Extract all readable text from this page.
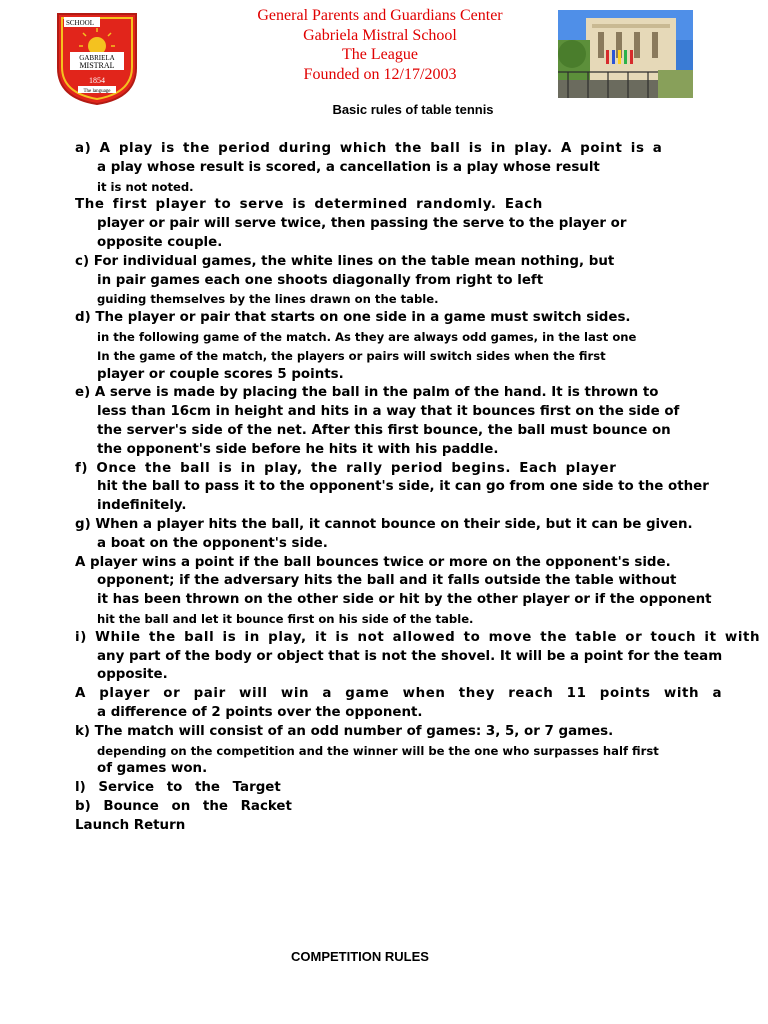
SCHOOL
GABRIELA
MISTRAL
1854
The language
General Parents and Guardians Center
Gabriela Mistral School
The League
Founded on 12/17/2003
Basic rules of table tennis
a) A play is the period during which the ball is in play. A point is a
a play whose result is scored, a cancellation is a play whose result
it is not noted.
The first player to serve is determined randomly. Each
player or pair will serve twice, then passing the serve to the player or
opposite couple.
c) For individual games, the white lines on the table mean nothing, but
in pair games each one shoots diagonally from right to left
guiding themselves by the lines drawn on the table.
d) The player or pair that starts on one side in a game must switch sides.
in the following game of the match. As they are always odd games, in the last one
In the game of the match, the players or pairs will switch sides when the first
player or couple scores 5 points.
e) A serve is made by placing the ball in the palm of the hand. It is thrown to
less than 16cm in height and hits in a way that it bounces first on the side of
the server's side of the net. After this first bounce, the ball must bounce on
the opponent's side before he hits it with his paddle.
f) Once the ball is in play, the rally period begins. Each player
hit the ball to pass it to the opponent's side, it can go from one side to the other
indefinitely.
g) When a player hits the ball, it cannot bounce on their side, but it can be given.
a boat on the opponent's side.
A player wins a point if the ball bounces twice or more on the opponent's side.
opponent; if the adversary hits the ball and it falls outside the table without
it has been thrown on the other side or hit by the other player or if the opponent
hit the ball and let it bounce first on his side of the table.
i) While the ball is in play, it is not allowed to move the table or touch it with
any part of the body or object that is not the shovel. It will be a point for the team
opposite.
A player or pair will win a game when they reach 11 points with a
a difference of 2 points over the opponent.
k) The match will consist of an odd number of games: 3, 5, or 7 games.
depending on the competition and the winner will be the one who surpasses half first
of games won.
l) Service to the Target
b) Bounce on the Racket
Launch Return
COMPETITION RULES
